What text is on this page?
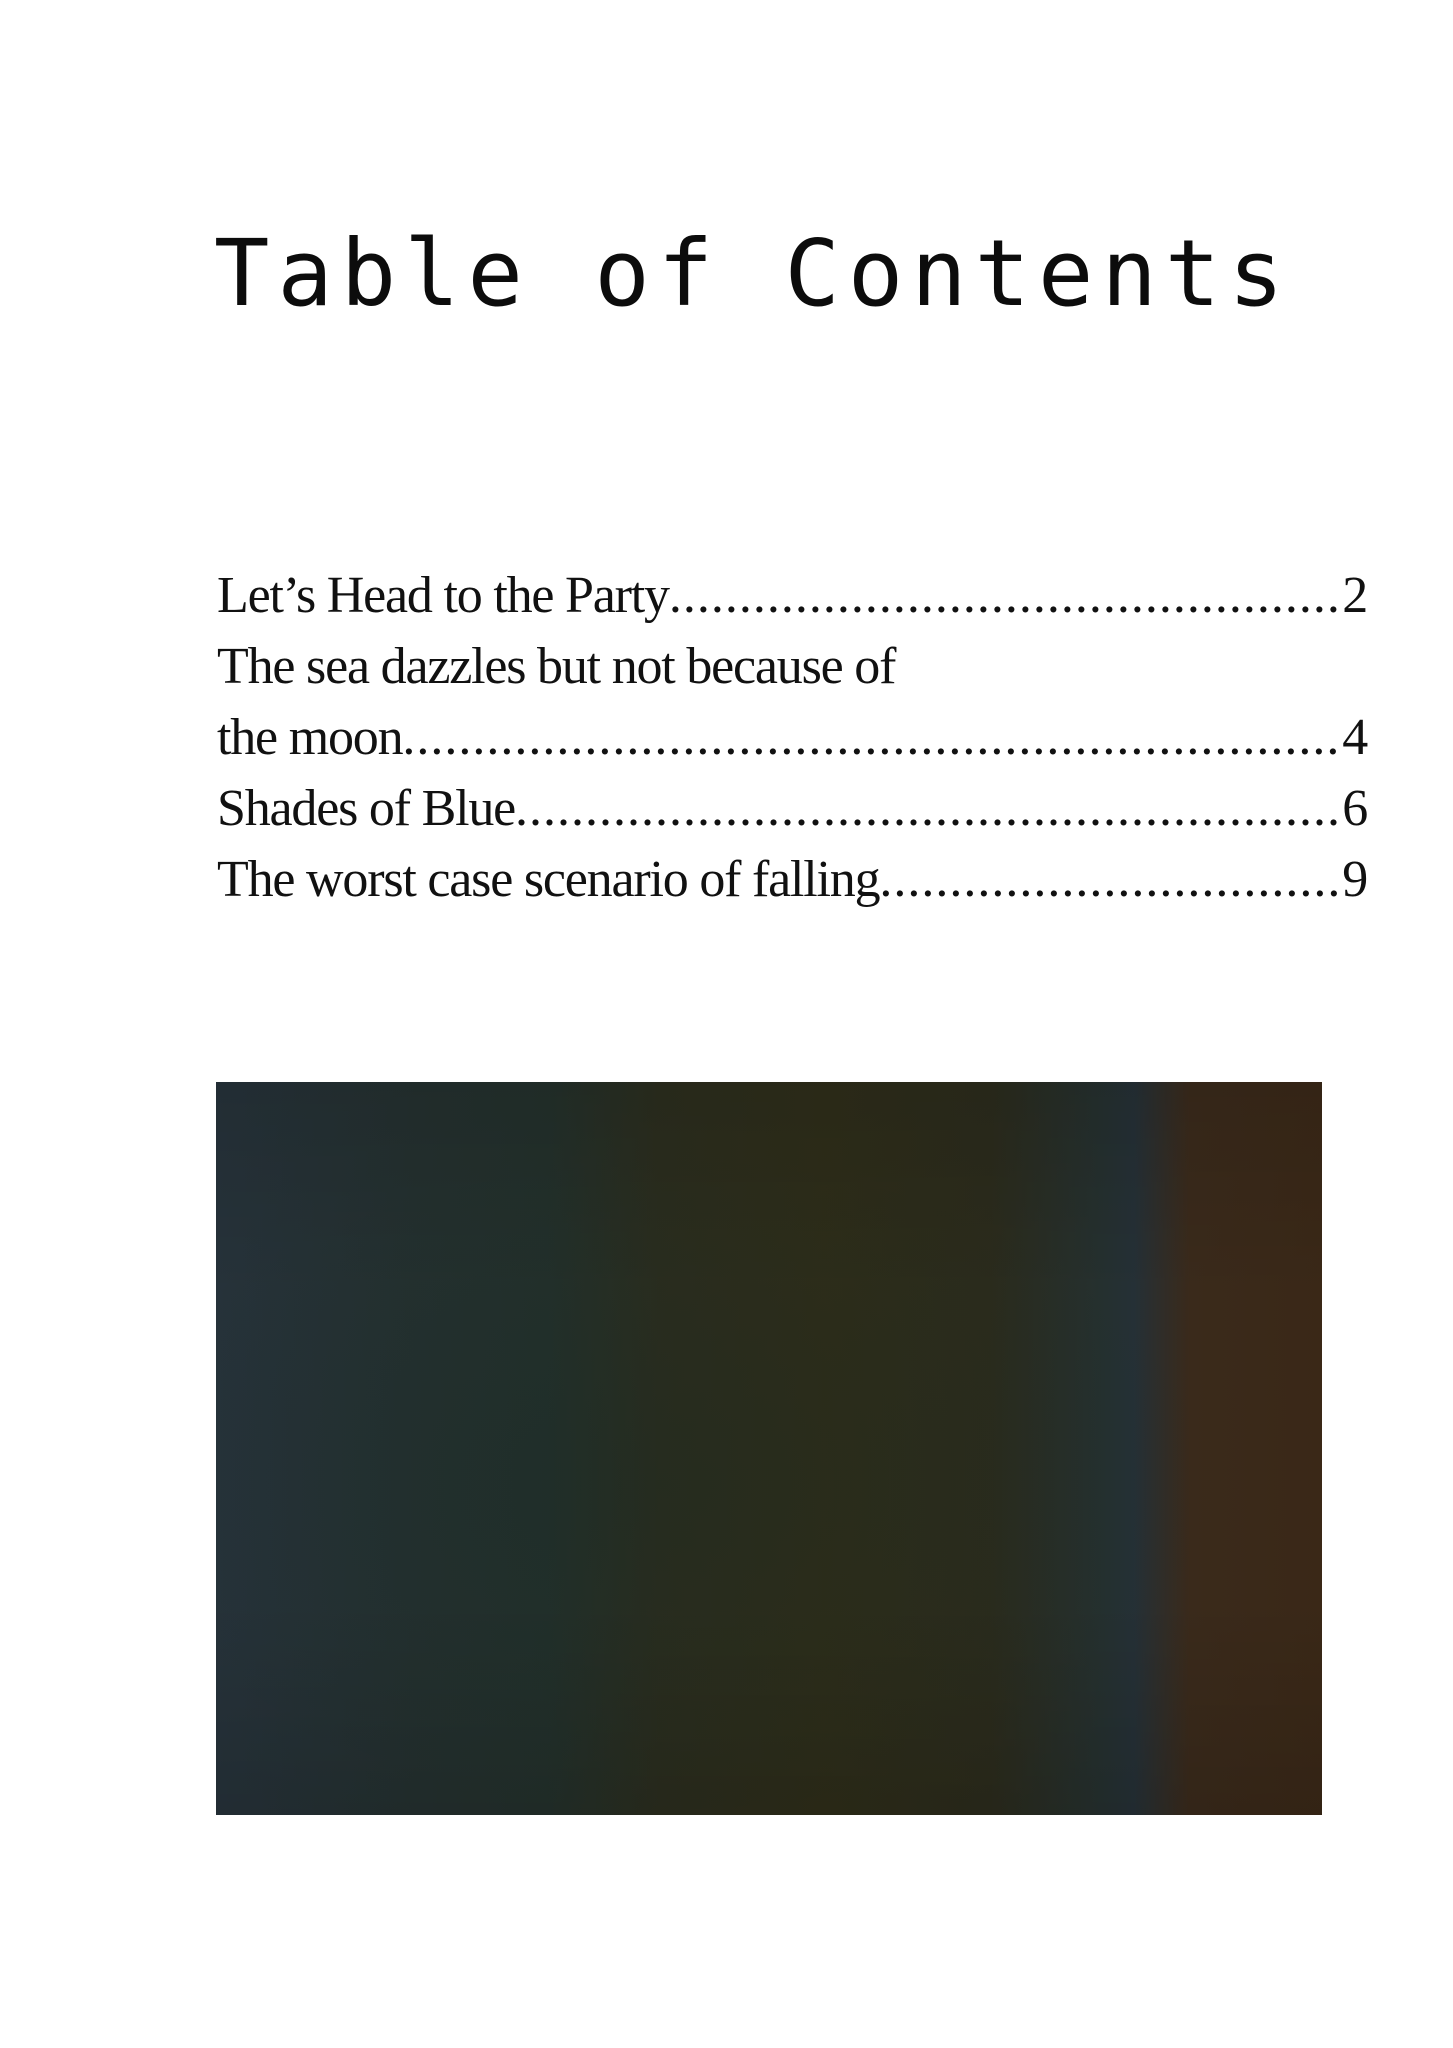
Table of Contents
Let’s Head to the Party .....	2
The sea dazzles but not because of
the moon .....	4
Shades of Blue .....	6
The worst case scenario of falling .....	9
